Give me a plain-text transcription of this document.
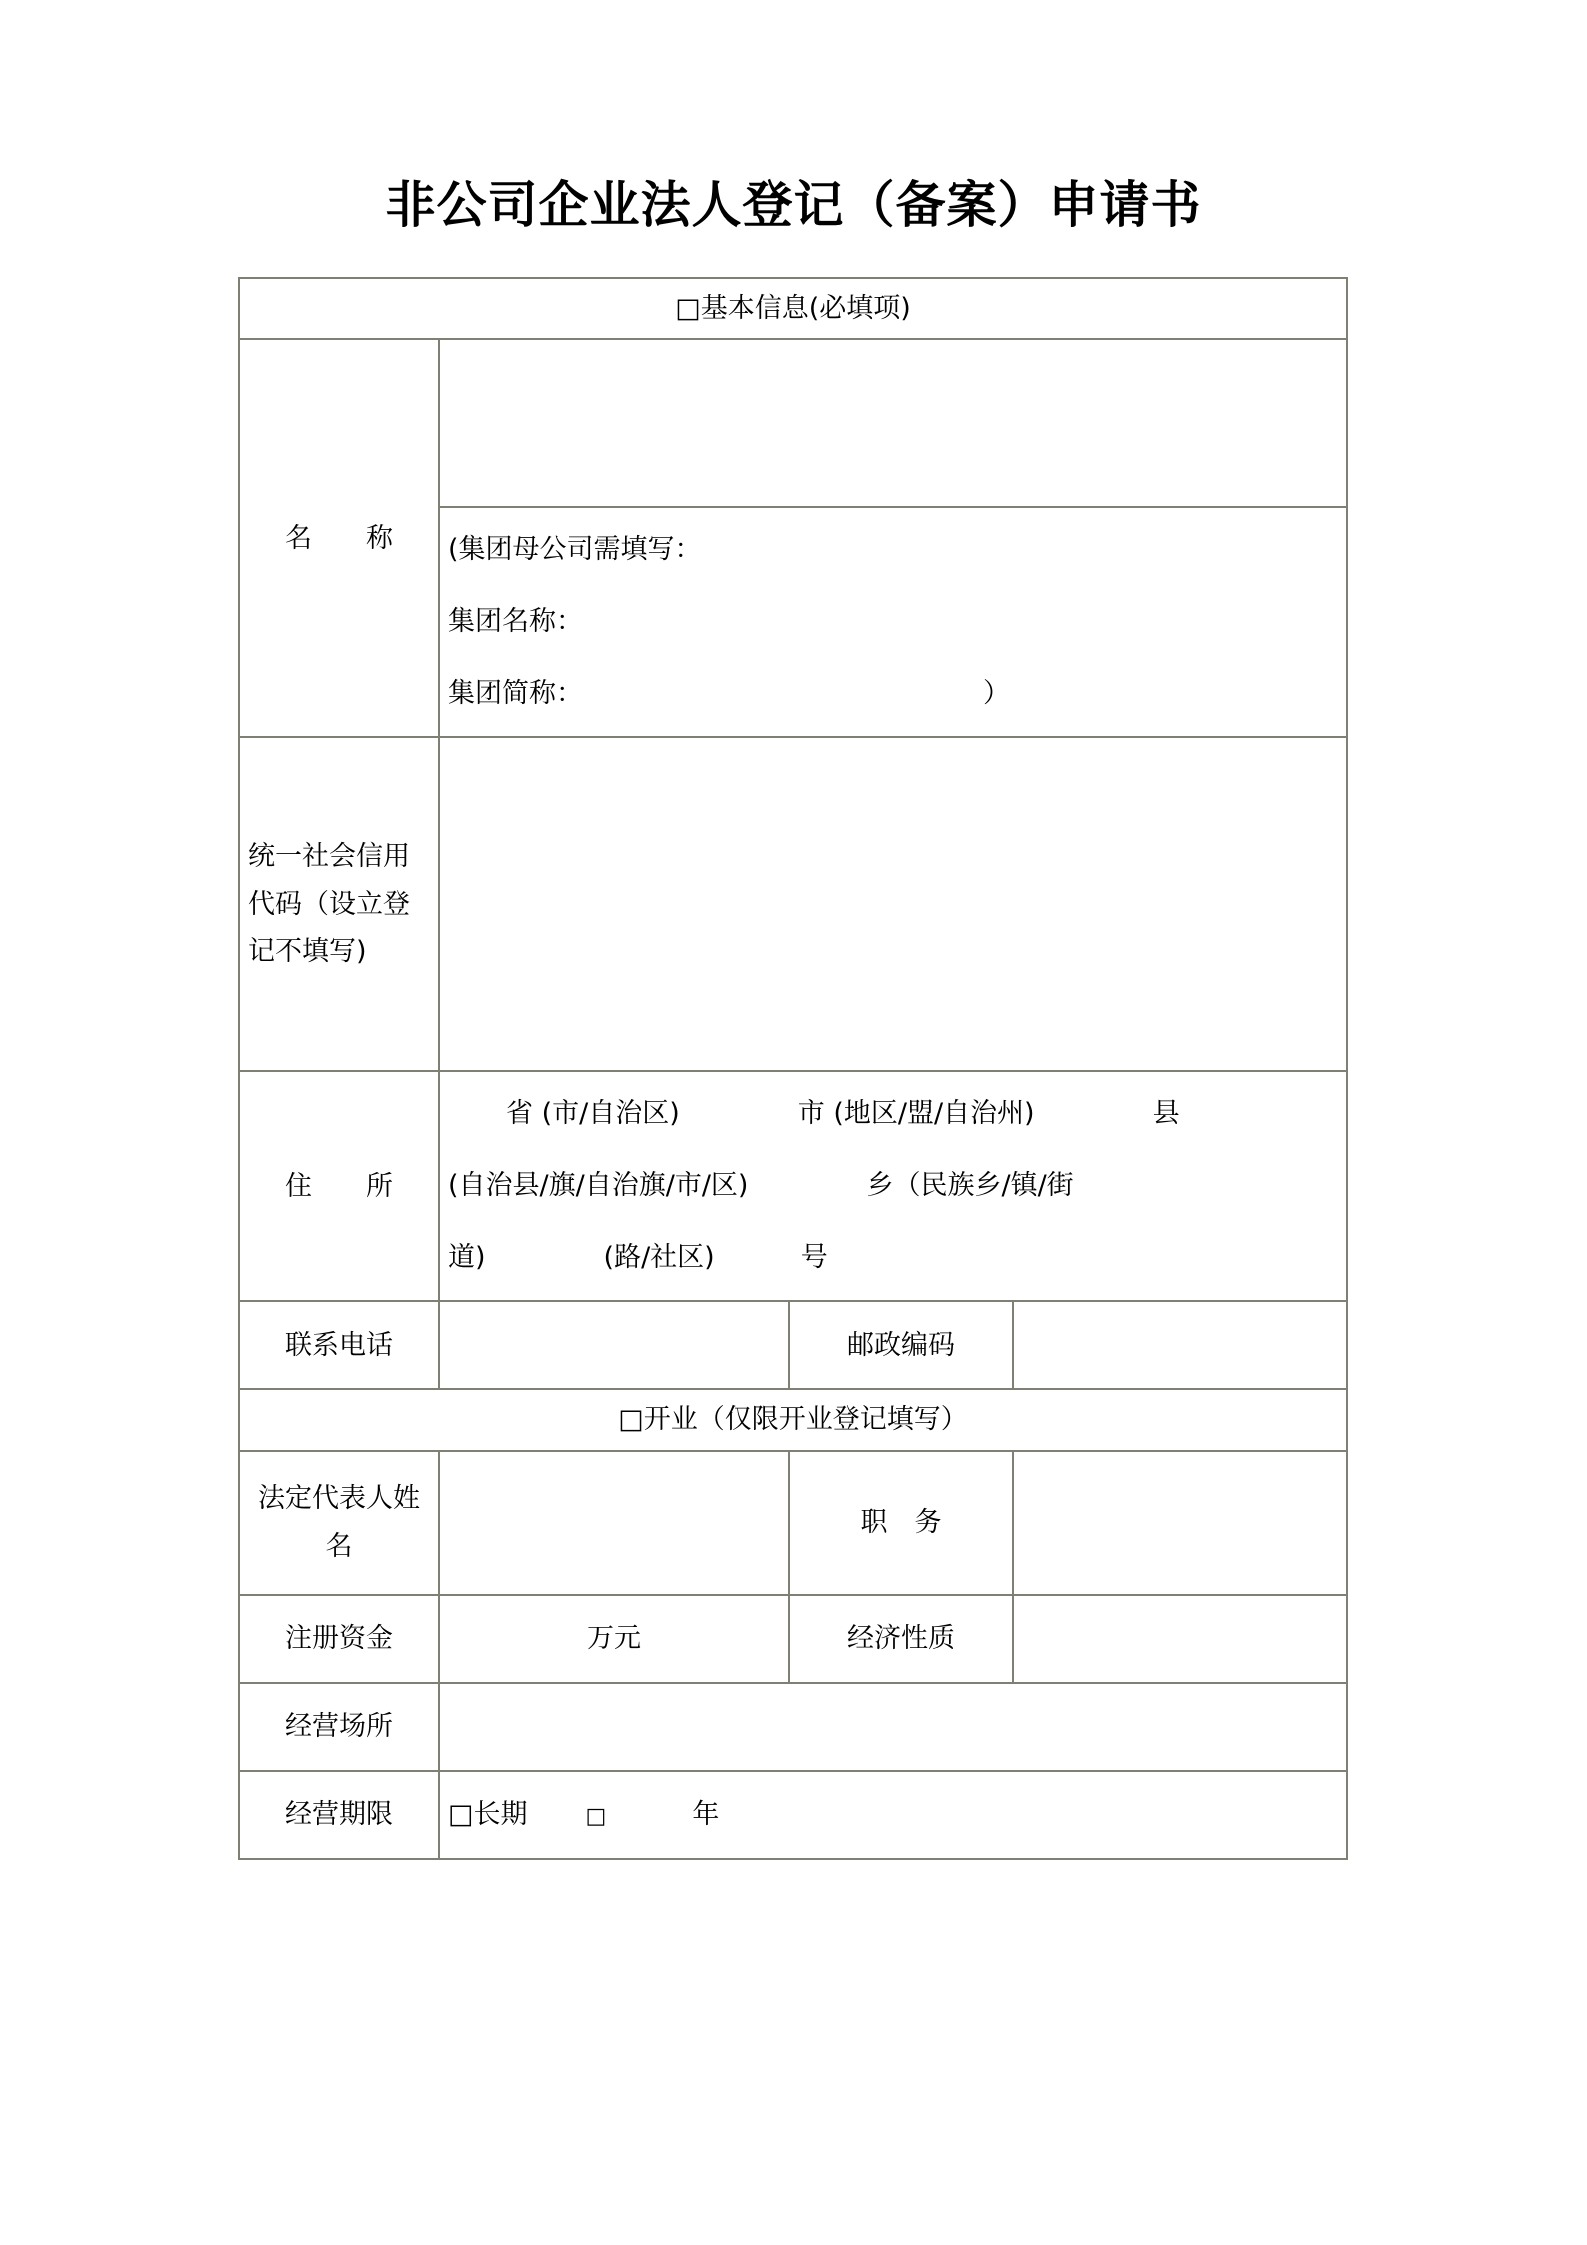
非公司企业法人登记（备案）申请书
□基本信息(必填项)			
名　　称			

	(集团母公司需填写：
集团名称：
集团简称： ）		

统一社会信用代码（设立登记不填写)			
住　　所	省 (市/自治区) 市 (地区/盟/自治州) 县
(自治县/旗/自治旗/市/区) 乡（民族乡/镇/街
道) (路/社区) 号		

联系电话		邮政编码	
□开业（仅限开业登记填写）			
法定代表人姓名		职　务	
注册资金	万元	经济性质	
经营场所			
经营期限	□长期 □ 年		
